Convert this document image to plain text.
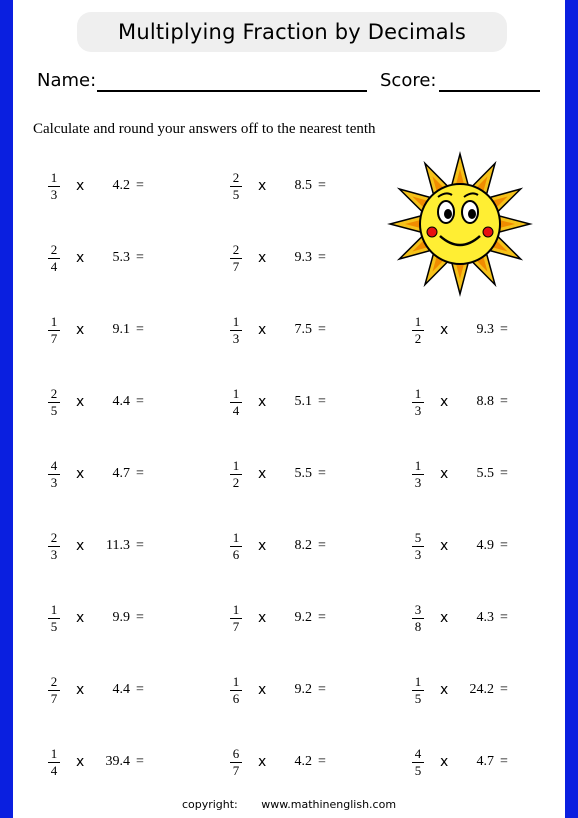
Multiplying Fraction by Decimals
Name:	Score:
Calculate and round your answers off to the nearest tenth
$\frac{1}{3}$ x	4.2 =	$\frac{2}{5}$ x	8.5 =
$\frac{2}{4}$ x	5.3 =	$\frac{2}{7}$ x	9.3 =
$\frac{1}{7}$ x	9.1 =	$\frac{1}{3}$ x	7.5 =	$\frac{1}{2}$ x	9.3 =
$\frac{2}{5}$ x	4.4 =	$\frac{1}{4}$ x	5.1 =	$\frac{1}{3}$ x	8.8 =
$\frac{4}{3}$ x	4.7 =	$\frac{1}{2}$ x	5.5 =	$\frac{1}{3}$ x	5.5 =
$\frac{2}{3}$ x	11.3 =	$\frac{1}{6}$ x	8.2 =	$\frac{5}{3}$ x	4.9 =
$\frac{1}{5}$ x	9.9 =	$\frac{1}{7}$ x	9.2 =	$\frac{3}{8}$ x	4.3 =
$\frac{2}{7}$ x	4.4 =	$\frac{1}{6}$ x	9.2 =	$\frac{1}{5}$ x	24.2 =
$\frac{1}{4}$ x	39.4 =	$\frac{6}{7}$ x	4.2 =	$\frac{4}{5}$ x	4.7 =
copyright: www.mathinenglish.com
